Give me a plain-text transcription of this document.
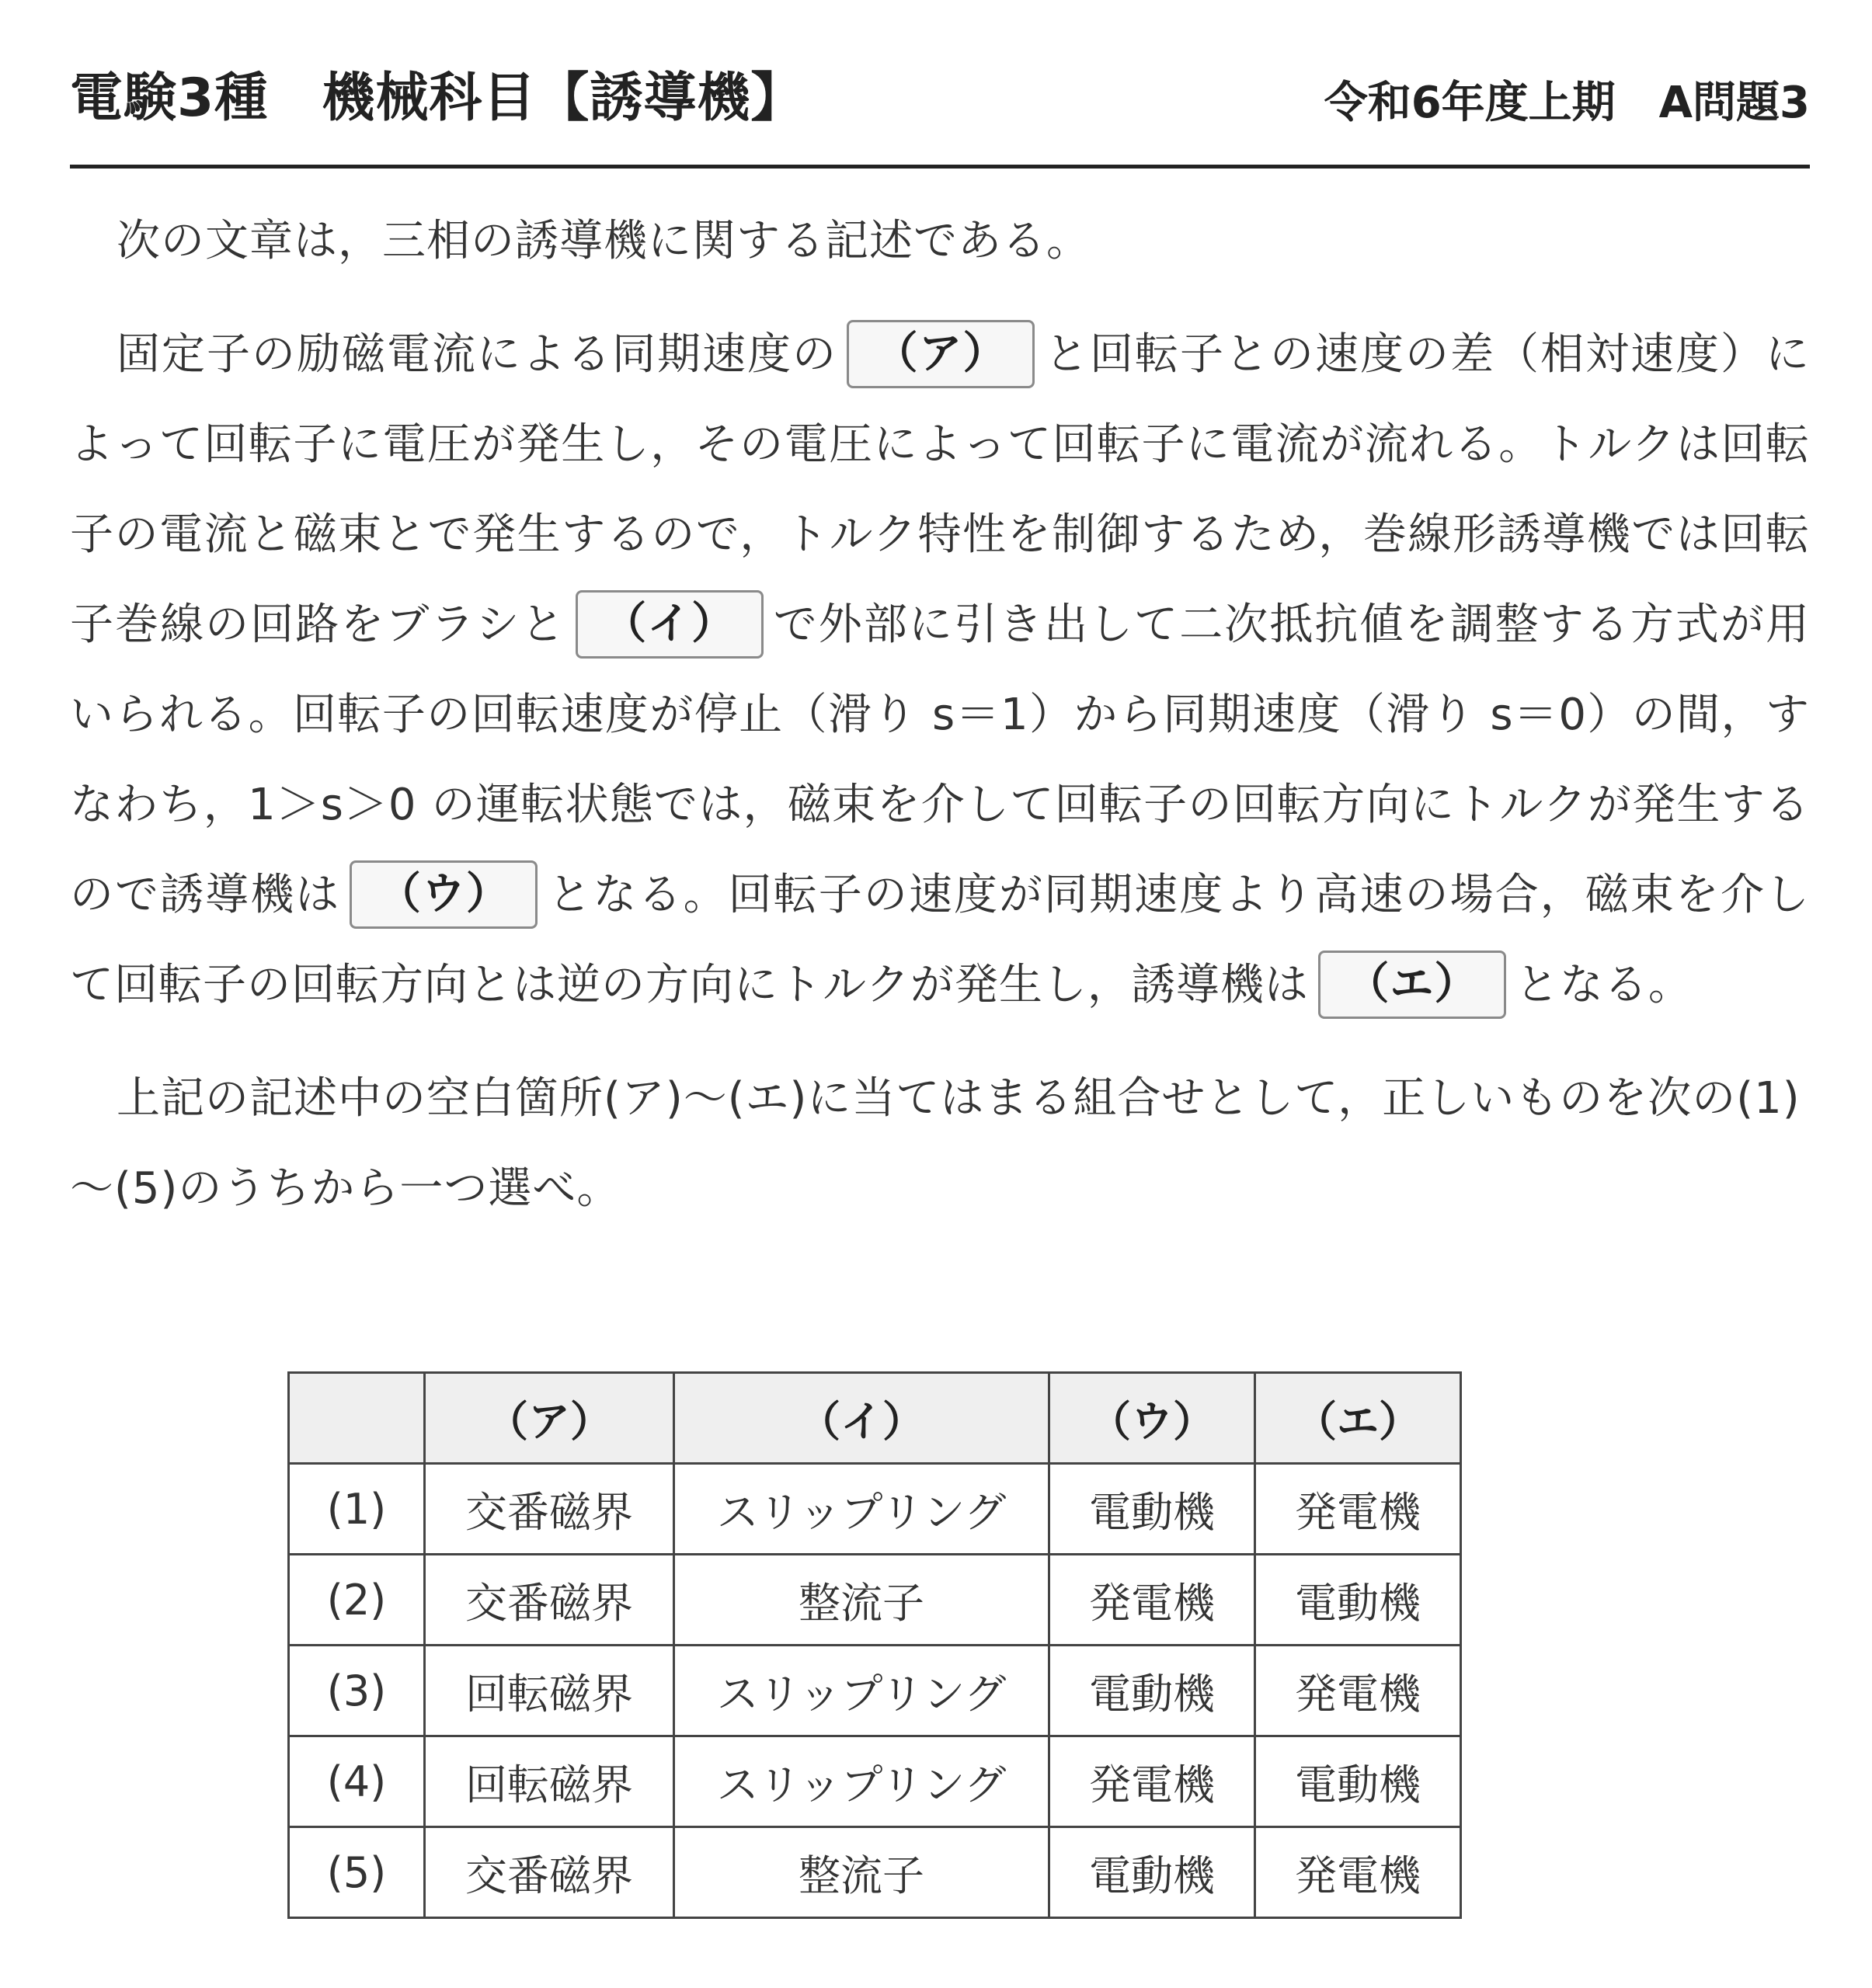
電験3種　機械科目【誘導機】	令和6年度上期　A問題3
次の文章は，三相の誘導機に関する記述である。
固定子の励磁電流による同期速度の （ア） と回転子との速度の差（相対速度）によって回転子に電圧が発生し，その電圧によって回転子に電流が流れる。トルクは回転子の電流と磁束とで発生するので，トルク特性を制御するため，巻線形誘導機では回転子巻線の回路をブラシと （イ） で外部に引き出して二次抵抗値を調整する方式が用いられる。回転子の回転速度が停止（滑り s＝1）から同期速度（滑り s＝0）の間，すなわち，1＞s＞0 の運転状態では，磁束を介して回転子の回転方向にトルクが発生するので誘導機は （ウ） となる。回転子の速度が同期速度より高速の場合，磁束を介して回転子の回転方向とは逆の方向にトルクが発生し，誘導機は （エ） となる。
上記の記述中の空白箇所(ア)～(エ)に当てはまる組合せとして，正しいものを次の(1)～(5)のうちから一つ選べ。
	（ア）	（イ）	（ウ）	（エ）
(1)	交番磁界	スリップリング	電動機	発電機
(2)	交番磁界	整流子	発電機	電動機
(3)	回転磁界	スリップリング	電動機	発電機
(4)	回転磁界	スリップリング	発電機	電動機
(5)	交番磁界	整流子	電動機	発電機
